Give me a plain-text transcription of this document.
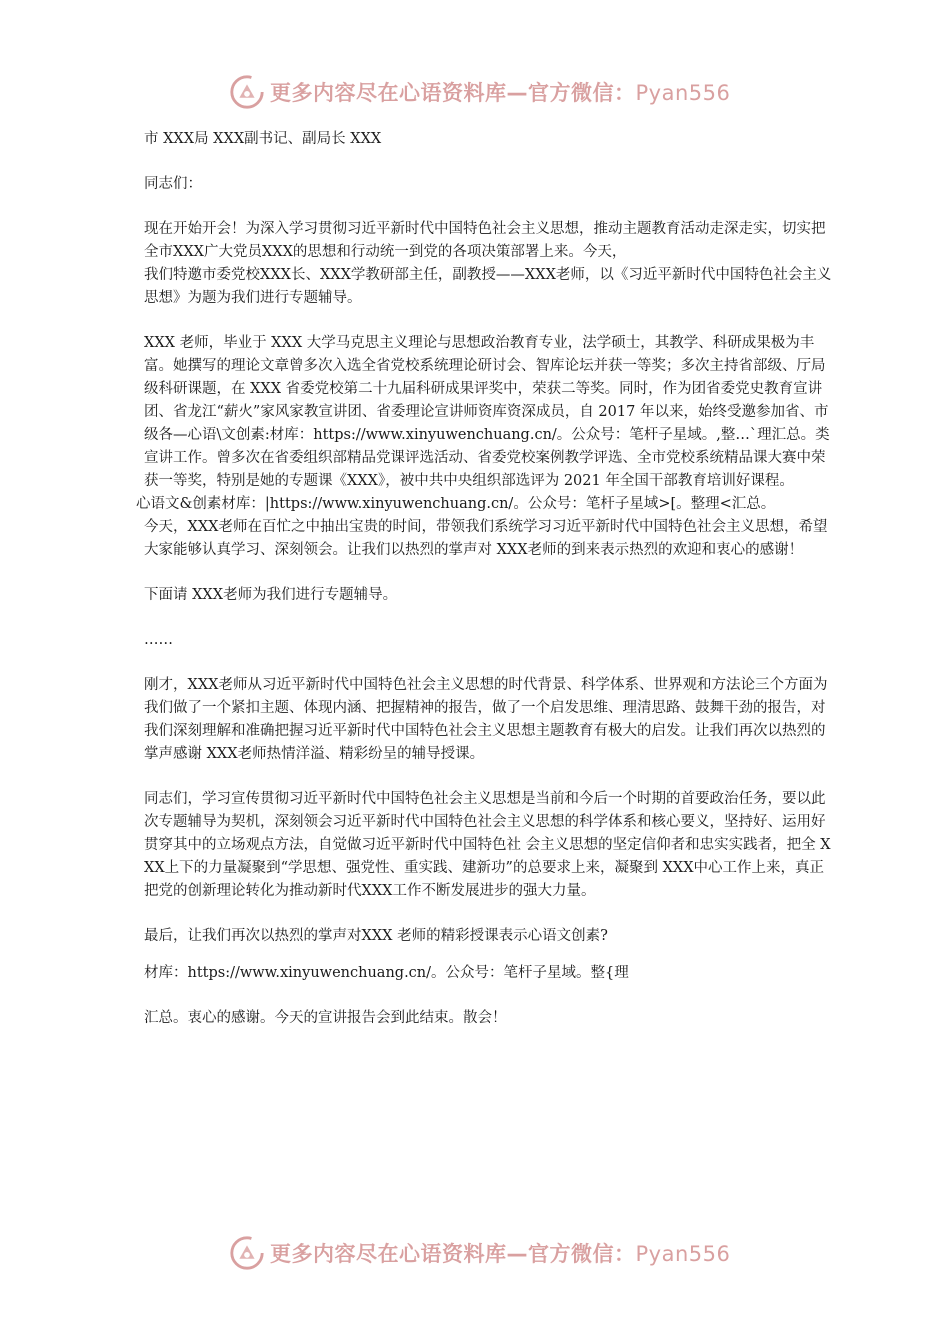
更多内容尽在心语资料库—官方微信：Pyan556
市 XXX局 XXX副书记、副局长 XXX
同志们：
现在开始开会！为深入学习贯彻习近平新时代中国特色社会主义思想，推动主题教育活动走深走实，切实把全市XXX广大党员XXX的思想和行动统一到党的各项决策部署上来。今天，
我们特邀市委党校XXX长、XXX学教研部主任，副教授——XXX老师，以《习近平新时代中国特色社会主义思想》为题为我们进行专题辅导。
XXX 老师，毕业于 XXX 大学马克思主义理论与思想政治教育专业，法学硕士，其教学、科研成果极为丰富。她撰写的理论文章曾多次入选全省党校系统理论研讨会、智库论坛并获一等奖；多次主持省部级、厅局级科研课题，在 XXX 省委党校第二十九届科研成果评奖中，荣获二等奖。同时，作为团省委党史教育宣讲团、省龙江“薪火”家风家教宣讲团、省委理论宣讲师资库资深成员，自 2017 年以来，始终受邀参加省、市级各—心语\文创素:材库：https://www.xinyuwenchuang.cn/。公众号：笔杆子星域。,整…`理汇总。类宣讲工作。曾多次在省委组织部精品党课评选活动、省委党校案例教学评选、全市党校系统精品课大赛中荣获一等奖，特别是她的专题课《XXX》，被中共中央组织部选评为 2021 年全国干部教育培训好课程。
心语文&创素材库：|https://www.xinyuwenchuang.cn/。公众号：笔杆子星域>[。整理<汇总。
今天，XXX老师在百忙之中抽出宝贵的时间，带领我们系统学习习近平新时代中国特色社会主义思想，希望大家能够认真学习、深刻领会。让我们以热烈的掌声对 XXX老师的到来表示热烈的欢迎和衷心的感谢！
下面请 XXX老师为我们进行专题辅导。
……
刚才，XXX老师从习近平新时代中国特色社会主义思想的时代背景、科学体系、世界观和方法论三个方面为我们做了一个紧扣主题、体现内涵、把握精神的报告，做了一个启发思维、理清思路、鼓舞干劲的报告，对我们深刻理解和准确把握习近平新时代中国特色社会主义思想主题教育有极大的启发。让我们再次以热烈的掌声感谢 XXX老师热情洋溢、精彩纷呈的辅导授课。
同志们，学习宣传贯彻习近平新时代中国特色社会主义思想是当前和今后一个时期的首要政治任务，要以此次专题辅导为契机，深刻领会习近平新时代中国特色社会主义思想的科学体系和核心要义，坚持好、运用好贯穿其中的立场观点方法，自觉做习近平新时代中国特色社 会主义思想的坚定信仰者和忠实实践者，把全 XXX上下的力量凝聚到“学思想、强党性、重实践、建新功”的总要求上来，凝聚到 XXX中心工作上来，真正把党的创新理论转化为推动新时代XXX工作不断发展进步的强大力量。
最后，让我们再次以热烈的掌声对XXX 老师的精彩授课表示心语文创素?
材库：https://www.xinyuwenchuang.cn/。公众号：笔杆子星域。整{理
汇总。衷心的感谢。今天的宣讲报告会到此结束。散会！
更多内容尽在心语资料库—官方微信：Pyan556
